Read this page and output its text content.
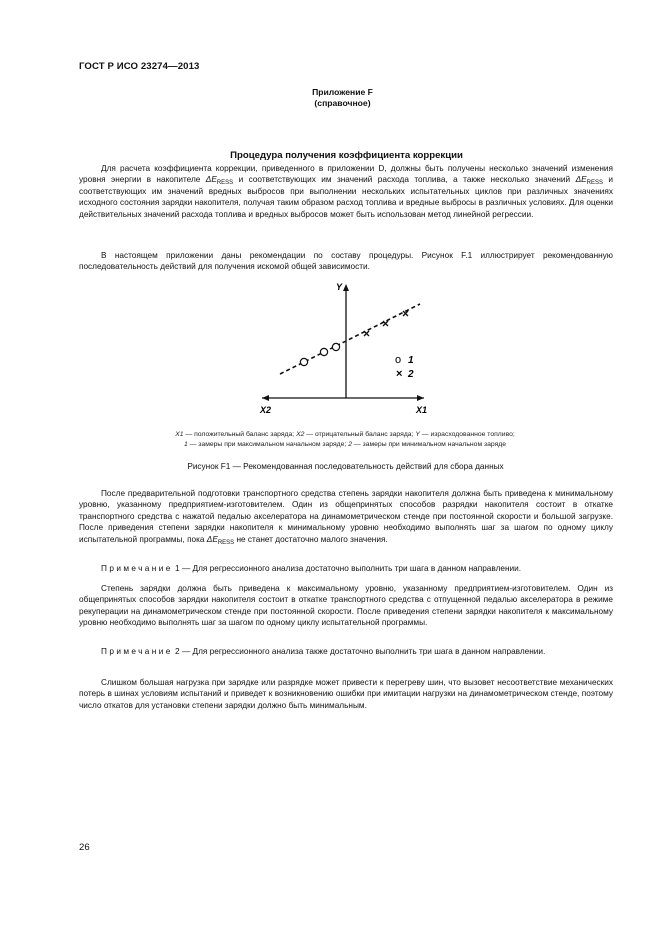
ГОСТ Р ИСО 23274—2013
Приложение F
(справочное)
Процедура получения коэффициента коррекции

Для расчета коэффициента коррекции, приведенного в приложении D, должны быть получены несколько значений изменения уровня энергии в накопителе $\Delta E_{RESS}$ и соответствующих им значений расхода топлива, а также несколько значений $\Delta E_{RESS}$ и соответствующих им значений вредных выбросов при выполнении нескольких испытательных циклов при различных значениях исходного состояния зарядки накопителя, получая таким образом расход топлива и вредные выбросы в различных условиях. Для оценки действительных значений расхода топлива и вредных выбросов может быть использован метод линейной регрессии.

В настоящем приложении даны рекомендации по составу процедуры. Рисунок F.1 иллюстрирует рекомендованную последовательность действий для получения искомой общей зависимости.

Y
X1
X2
o 1
× 2
X1 — положительный баланс заряда; X2 — отрицательный баланс заряда; Y — израсходованное топливо;
1 — замеры при максимальном начальном заряде; 2 — замеры при минимальном начальном заряде
Рисунок F1 — Рекомендованная последовательность действий для сбора данных

После предварительной подготовки транспортного средства степень зарядки накопителя должна быть приведена к минимальному уровню, указанному предприятием-изготовителем. Один из общепринятых способов разрядки накопителя состоит в откатке транспортного средства с нажатой педалью акселератора на динамометрическом стенде при постоянной скорости и большой загрузке. После приведения степени зарядки накопителя к минимальному уровню необходимо выполнять шаг за шагом по одному циклу испытательной программы, пока $\Delta E_{RESS}$ не станет достаточно малого значения.

Примечание 1 — Для регрессионного анализа достаточно выполнить три шага в данном направлении.

Степень зарядки должна быть приведена к максимальному уровню, указанному предприятием-изготовителем. Один из общепринятых способов зарядки накопителя состоит в откатке транспортного средства с отпущенной педалью акселератора в режиме рекуперации на динамометрическом стенде при постоянной скорости. После приведения степени зарядки накопителя к максимальному уровню необходимо выполнять шаг за шагом по одному циклу испытательной программы.

Примечание 2 — Для регрессионного анализа также достаточно выполнить три шага в данном направлении.

Слишком большая нагрузка при зарядке или разрядке может привести к перегреву шин, что вызовет несоответствие механических потерь в шинах условиям испытаний и приведет к возникновению ошибки при имитации нагрузки на динамометрическом стенде, поэтому число откатов для установки степени зарядки должно быть минимальным.

26
